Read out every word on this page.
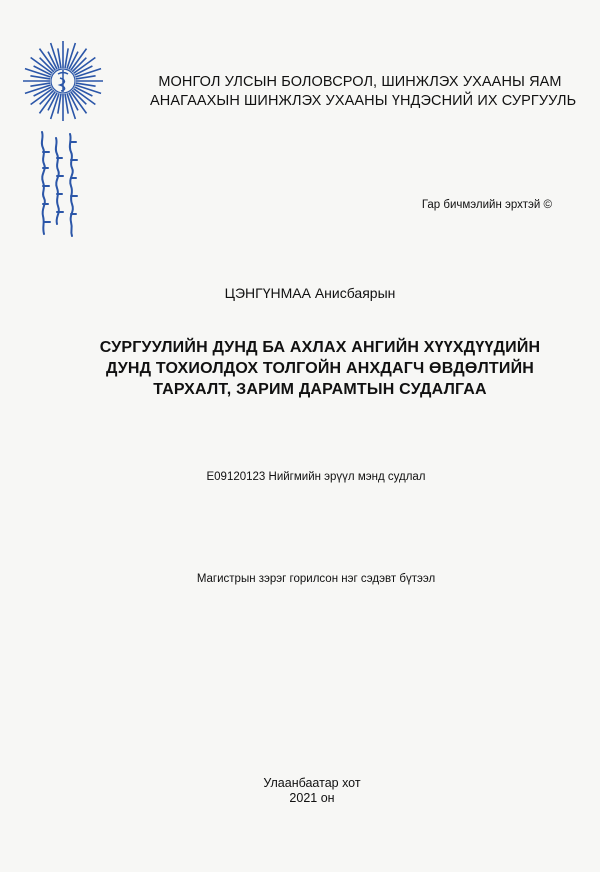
МОНГОЛ УЛСЫН БОЛОВСРОЛ, ШИНЖЛЭХ УХААНЫ ЯАМ
АНАГААХЫН ШИНЖЛЭХ УХААНЫ ҮНДЭСНИЙ ИХ СУРГУУЛЬ
Гар бичмэлийн эрхтэй ©
ЦЭНГҮНМАА Анисбаярын
СУРГУУЛИЙН ДУНД БА АХЛАХ АНГИЙН ХҮҮХДҮҮДИЙН
ДУНД ТОХИОЛДОХ ТОЛГОЙН АНХДАГЧ ӨВДӨЛТИЙН
ТАРХАЛТ, ЗАРИМ ДАРАМТЫН СУДАЛГАА
E09120123 Нийгмийн эрүүл мэнд судлал
Магистрын зэрэг горилсон нэг сэдэвт бүтээл
Улаанбаатар хот
2021 он
